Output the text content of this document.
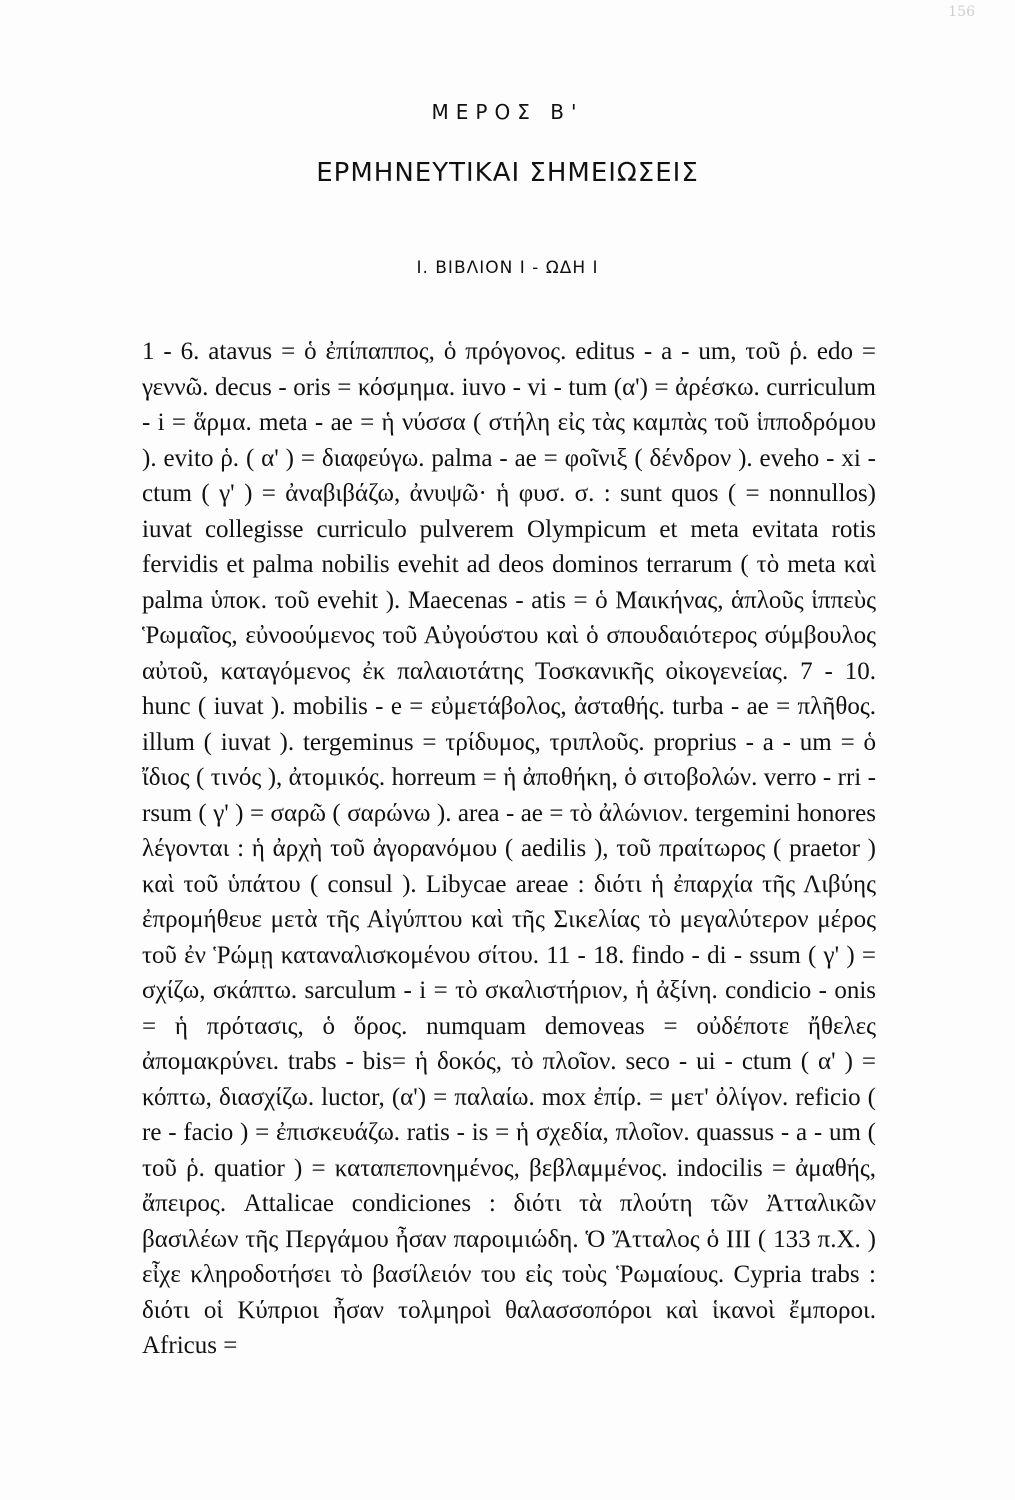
156
ΜΕΡΟΣ Β'
ΕΡΜΗΝΕΥΤΙΚΑΙ ΣΗΜΕΙΩΣΕΙΣ
Ι. ΒΙΒΛΙΟΝ Ι - ΩΔΗ Ι

1 - 6. atavus = ὁ ἐπίπαππος, ὁ πρόγονος. editus - a - um, τοῦ ῥ. edo = γεννῶ. decus - oris = κόσμημα. iuvo - vi - tum (α') = ἀρέσκω. curriculum - i = ἅρμα. meta - ae = ἡ νύσσα ( στήλη εἰς τὰς καμπὰς τοῦ ἱπποδρόμου ). evito ῥ. ( α' ) = διαφεύγω. palma - ae = φοῖνιξ ( δένδρον ). eveho - xi - ctum ( γ' ) = ἀναβιβάζω, ἀνυψῶ· ἡ φυσ. σ. : sunt quos ( = nonnullos) iuvat collegisse curriculo pulverem Olympicum et meta evitata rotis fervidis et palma nobilis evehit ad deos dominos terrarum ( τὸ meta καὶ palma ὑποκ. τοῦ evehit ). Maecenas - atis = ὁ Μαικήνας, ἁπλοῦς ἱππεὺς Ῥωμαῖος, εὐνοούμενος τοῦ Αὐγούστου καὶ ὁ σπουδαιότερος σύμβουλος αὐτοῦ, καταγόμενος ἐκ παλαιοτάτης Τοσκανικῆς οἰκογενείας. 7 - 10. hunc ( iuvat ). mobilis - e = εὐμετάβολος, ἀσταθής. turba - ae = πλῆθος. illum ( iuvat ). tergeminus = τρίδυμος, τριπλοῦς. proprius - a - um = ὁ ἴδιος ( τινός ), ἀτομικός. horreum = ἡ ἀποθήκη, ὁ σιτοβολών. verro - rri - rsum ( γ' ) = σαρῶ ( σαρώνω ). area - ae = τὸ ἀλώνιον. tergemini honores λέγονται : ἡ ἀρχὴ τοῦ ἀγορανόμου ( aedilis ), τοῦ πραίτωρος ( praetor ) καὶ τοῦ ὑπάτου ( consul ). Libycae areae : διότι ἡ ἐπαρχία τῆς Λιβύης ἐπρομήθευε μετὰ τῆς Αἰγύπτου καὶ τῆς Σικελίας τὸ μεγαλύτερον μέρος τοῦ ἐν Ῥώμῃ καταναλισκομένου σίτου. 11 - 18. findo - di - ssum ( γ' ) = σχίζω, σκάπτω. sarculum - i = τὸ σκαλιστήριον, ἡ ἀξίνη. condicio - onis = ἡ πρότασις, ὁ ὅρος. numquam demoveas = οὐδέποτε ἤθελες ἀπομακρύνει. trabs - bis= ἡ δοκός, τὸ πλοῖον. seco - ui - ctum ( α' ) = κόπτω, διασχίζω. luctor, (α') = παλαίω. mox ἐπίρ. = μετ' ὀλίγον. reficio ( re - facio ) = ἐπισκευάζω. ratis - is = ἡ σχεδία, πλοῖον. quassus - a - um ( τοῦ ῥ. quatior ) = καταπεπονημένος, βεβλαμμένος. indocilis = ἀμαθής, ἄπειρος. Attalicae condiciones : διότι τὰ πλούτη τῶν Ἀτταλικῶν βασιλέων τῆς Περγάμου ἦσαν παροιμιώδη. Ὁ Ἄτταλος ὁ ΙΙΙ ( 133 π.Χ. ) εἶχε κληροδοτήσει τὸ βασίλειόν του εἰς τοὺς Ῥωμαίους. Cypria trabs : διότι οἱ Κύπριοι ἦσαν τολμηροὶ θαλασσοπόροι καὶ ἱκανοὶ ἔμποροι. Africus =
